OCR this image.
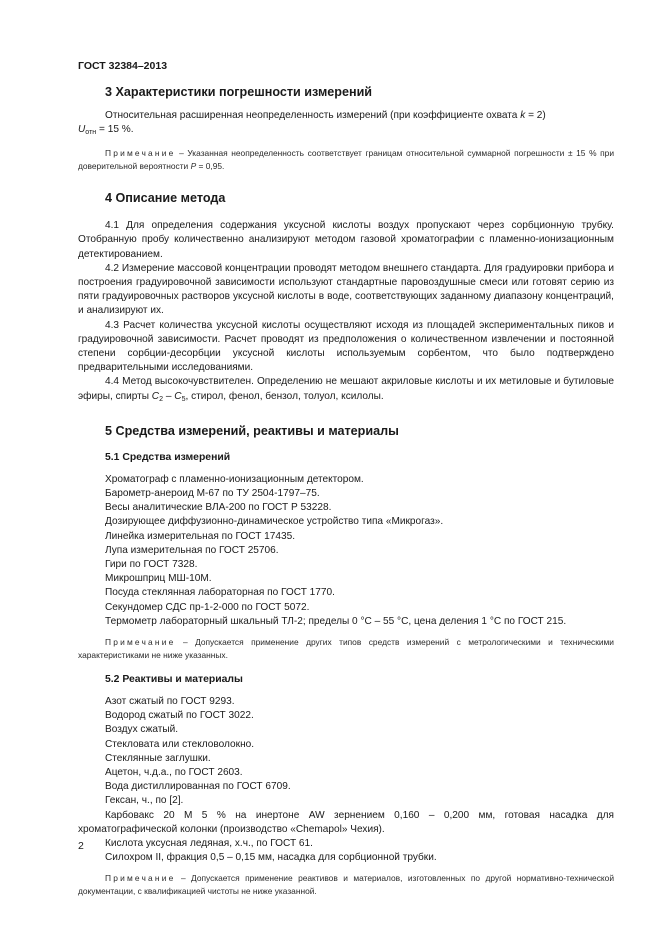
ГОСТ 32384–2013
3 Характеристики погрешности измерений

Относительная расширенная неопределенность измерений (при коэффициенте охвата k = 2)
$U_{отн} = 15$ %.

Примечание – Указанная неопределенность соответствует границам относительной суммарной погрешности ± 15 % при доверительной вероятности P = 0,95.
4 Описание метода

4.1 Для определения содержания уксусной кислоты воздух пропускают через сорбционную трубку. Отобранную пробу количественно анализируют методом газовой хроматографии с пламенно-ионизационным детектированием.

4.2 Измерение массовой концентрации проводят методом внешнего стандарта. Для градуировки прибора и построения градуировочной зависимости используют стандартные паровоздушные смеси или готовят серию из пяти градуировочных растворов уксусной кислоты в воде, соответствующих заданному диапазону концентраций, и анализируют их.

4.3 Расчет количества уксусной кислоты осуществляют исходя из площадей экспериментальных пиков и градуировочной зависимости. Расчет проводят из предположения о количественном извлечении и постоянной степени сорбции-десорбции уксусной кислоты используемым сорбентом, что было подтверждено предварительными исследованиями.

4.4 Метод высокочувствителен. Определению не мешают акриловые кислоты и их метиловые и бутиловые эфиры, спирты $C_2 - C_5$, стирол, фенол, бензол, толуол, ксилолы.

5 Средства измерений, реактивы и материалы
5.1 Средства измерений

Хроматограф с пламенно-ионизационным детектором.

Барометр-анероид М-67 по ТУ 2504-1797–75.

Весы аналитические ВЛА-200 по ГОСТ Р 53228.

Дозирующее диффузионно-динамическое устройство типа «Микрогаз».

Линейка измерительная по ГОСТ 17435.

Лупа измерительная по ГОСТ 25706.

Гири по ГОСТ 7328.

Микрошприц МШ-10М.

Посуда стеклянная лабораторная по ГОСТ 1770.

Секундомер СДС пр-1-2-000 по ГОСТ 5072.

Термометр лабораторный шкальный ТЛ-2; пределы 0 °С – 55 °С, цена деления 1 °С по ГОСТ 215.

Примечание – Допускается применение других типов средств измерений с метрологическими и техническими характеристиками не ниже указанных.
5.2 Реактивы и материалы

Азот сжатый по ГОСТ 9293.

Водород сжатый по ГОСТ 3022.

Воздух сжатый.

Стекловата или стекловолокно.

Стеклянные заглушки.

Ацетон, ч.д.а., по ГОСТ 2603.

Вода дистиллированная по ГОСТ 6709.

Гексан, ч., по [2].

Карбовакс 20 М 5 % на инертоне AW зернением 0,160 – 0,200 мм, готовая насадка для хроматографической колонки (производство «Chemapol» Чехия).

Кислота уксусная ледяная, х.ч., по ГОСТ 61.

Силохром II, фракция 0,5 – 0,15 мм, насадка для сорбционной трубки.

Примечание – Допускается применение реактивов и материалов, изготовленных по другой нормативно-технической документации, с квалификацией чистоты не ниже указанной.
2
